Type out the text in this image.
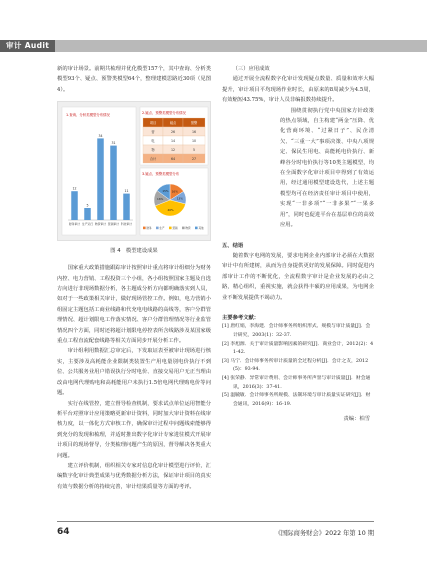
审计 Audit

新的审计场景。前期共梳理并优化模型157个，其中查询、分析类模型93个、疑点、预警类模型64个，整理建模思路近30项（见图4）。

1.查询、分析类模型分布情况
12
财务审计
5
生产运行
34
物资审计
31
营销审计
11
科技审计
2.疑点、预警类模型分布情况
项目	疑点	预警
营	26	16
电	14	10
物	12	5
合计	64	27
3.疑点、预警类模型分布
16%
13%
40%
16%
15%
财务	生产	营销	物资	其他
图 4　模型建设成果

国家重大政策措施跟踪审计按照审计重点将审计组细分为财务内控、电力营销、工程投资三个小组，各小组按照国家主题及自选方向进行非现场数据分析，各主题成分析方向都明确落实到人员，如对于一些政策相关审计，做好现场管控工作。例如，电力营销小组固定主题包括工商业线路和代充电电线路的高线等，客户分群管理情况、超计划限电工作落实情况、客户分群管理情况等行业监管情况四个方面，同时还将超计划限电停控表所含线路涉及某国家级重点工程直流配套线路等相关方面同步开展分析工作。

审计组利用数据汇总审定后，下发取证表至被审计现场进行核实，主要涉及高耗能企业限制类装置生产用电量别电价执行不到位、公共服务业用户错误执行分时电价、直接交易用户无正当理由改由电网代理购电和高耗能用户未执行1.5倍电网代理购电价等问题。

实行在线管控，建立督导检查机制，要求试点单位运用智能分析平台对照审计应用策略更新审计资料，同时加大审计资料在线审核力度，以一体化方式审核工作，确保审计过程中问题线索能够得到充分的发现和梳理，并适时推出数字化审计专家进驻模式开展审计项目的现场督导，分类梳理问题产生的原因，督导解决各类重大问题。

建立评价机制，组织相关专家对信息化审计模型进行评价，汇编数字化审计典型成果与优秀数据分析方法，保证审计项目的真实有效与数据分析的持续完善，审计结果质量等方面的考评。

（三）应用成效

通过开展全流程数字化审计发现疑点数量、质量和效率大幅提升，审计项目平均现场作业时长，由原来的8周减少为4.5周，有效缩短43.75%，审计人员非编报数持续提升。

围绕贯彻执行党中央国家方针政策的热点领域，自主构建“两金”压降、优化营商环境、“过紧日子”、民企清欠、“三重一大”事项决策、中央八项规定、保民生用电、高能耗电价执行、新峰谷分时电价执行等10类主题模型，均在全面数字化审计项目中得到了有效运用，经过通用模型建设迭代，上述主题模型均可在经济责任审计项目中使用，实现“一非多项”“一非多果”“一果多用”，同时也促进平台在基层单位的高效应用。

五、结语

随着数字电网的发展，要求电网企业内部审计必须在大数据审计中有所建树，从而为自身提供更好的发展保障。同时促进内部审计工作的不断优化，全流程数字审计是企业发展的必由之路，精心组织，重视实施，就会获得丰硕的应用成果，为电网企业不断发展提供不竭动力。

主要参考文献：
[1] 唐红娟，李海建．会计师事务所组织形式、规模与审计质量[J]．会计研究，2003(1)：32-37.
[2] 李旭源．关于审计质量影响因素的研究[J]．商业会计，2012(2)：41-42.
[3] 马宁．会计师事务所审计质量的全过程分析[J]．会计之友，2012(5)：93-94.
[4] 张荣静．异常审计费用、会计师事务所声誉与审计质量[J]．财会通讯，2016(3)：37-41.
[5] 温毓敏．会计师事务所规模、法制环境与审计质量实证研究[J]．财会通讯，2016(9)：16-19.
责编：柏雪
64	《国际商务财会》2022 年第 10 期
